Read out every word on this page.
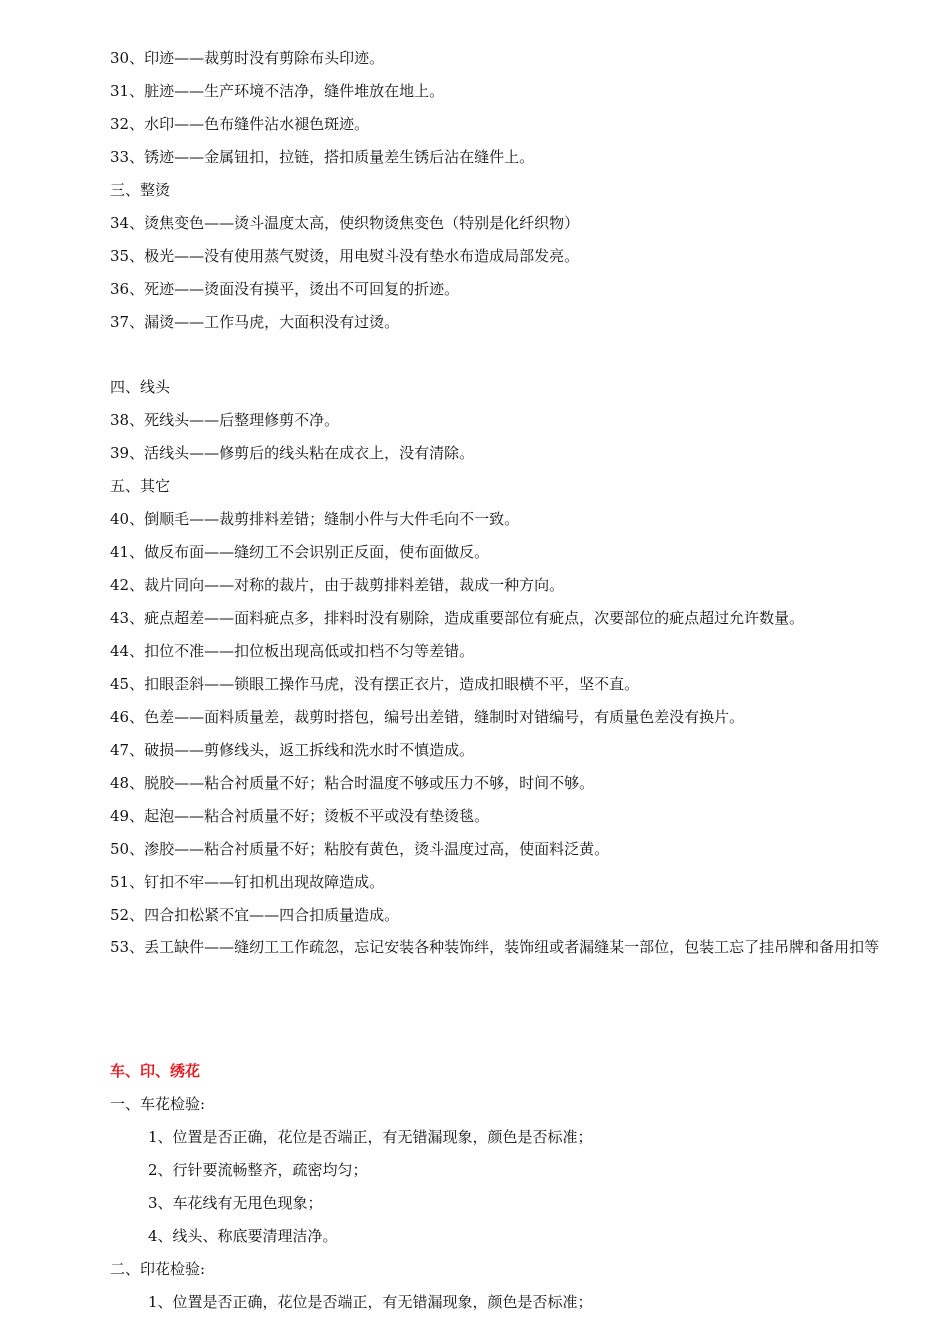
30、印迹——裁剪时没有剪除布头印迹。
31、脏迹——生产环境不洁净，缝件堆放在地上。
32、水印——色布缝件沾水褪色斑迹。
33、锈迹——金属钮扣，拉链，搭扣质量差生锈后沾在缝件上。
三、整烫
34、烫焦变色——烫斗温度太高，使织物烫焦变色（特别是化纤织物）
35、极光——没有使用蒸气熨烫，用电熨斗没有垫水布造成局部发亮。
36、死迹——烫面没有摸平，烫出不可回复的折迹。
37、漏烫——工作马虎，大面积没有过烫。
四、线头
38、死线头——后整理修剪不净。
39、活线头——修剪后的线头粘在成衣上，没有清除。
五、其它
40、倒顺毛——裁剪排料差错；缝制小件与大件毛向不一致。
41、做反布面——缝纫工不会识别正反面，使布面做反。
42、裁片同向——对称的裁片，由于裁剪排料差错，裁成一种方向。
43、疵点超差——面料疵点多，排料时没有剔除，造成重要部位有疵点，次要部位的疵点超过允许数量。
44、扣位不准——扣位板出现高低或扣档不匀等差错。
45、扣眼歪斜——锁眼工操作马虎，没有摆正衣片，造成扣眼横不平，坚不直。
46、色差——面料质量差，裁剪时搭包，编号出差错，缝制时对错编号，有质量色差没有换片。
47、破损——剪修线头，返工拆线和洗水时不慎造成。
48、脱胶——粘合衬质量不好；粘合时温度不够或压力不够，时间不够。
49、起泡——粘合衬质量不好；烫板不平或没有垫烫毯。
50、渗胶——粘合衬质量不好；粘胶有黄色，烫斗温度过高，使面料泛黄。
51、钉扣不牢——钉扣机出现故障造成。
52、四合扣松紧不宜——四合扣质量造成。
53、丢工缺件——缝纫工工作疏忽，忘记安装各种装饰绊，装饰纽或者漏缝某一部位，包装工忘了挂吊牌和备用扣等
车、印、绣花
一、车花检验:
1、位置是否正确，花位是否端正，有无错漏现象，颜色是否标准；
2、行针要流畅整齐，疏密均匀；
3、车花线有无甩色现象；
4、线头、称底要清理洁净。
二、印花检验:
1、位置是否正确，花位是否端正，有无错漏现象，颜色是否标准；
